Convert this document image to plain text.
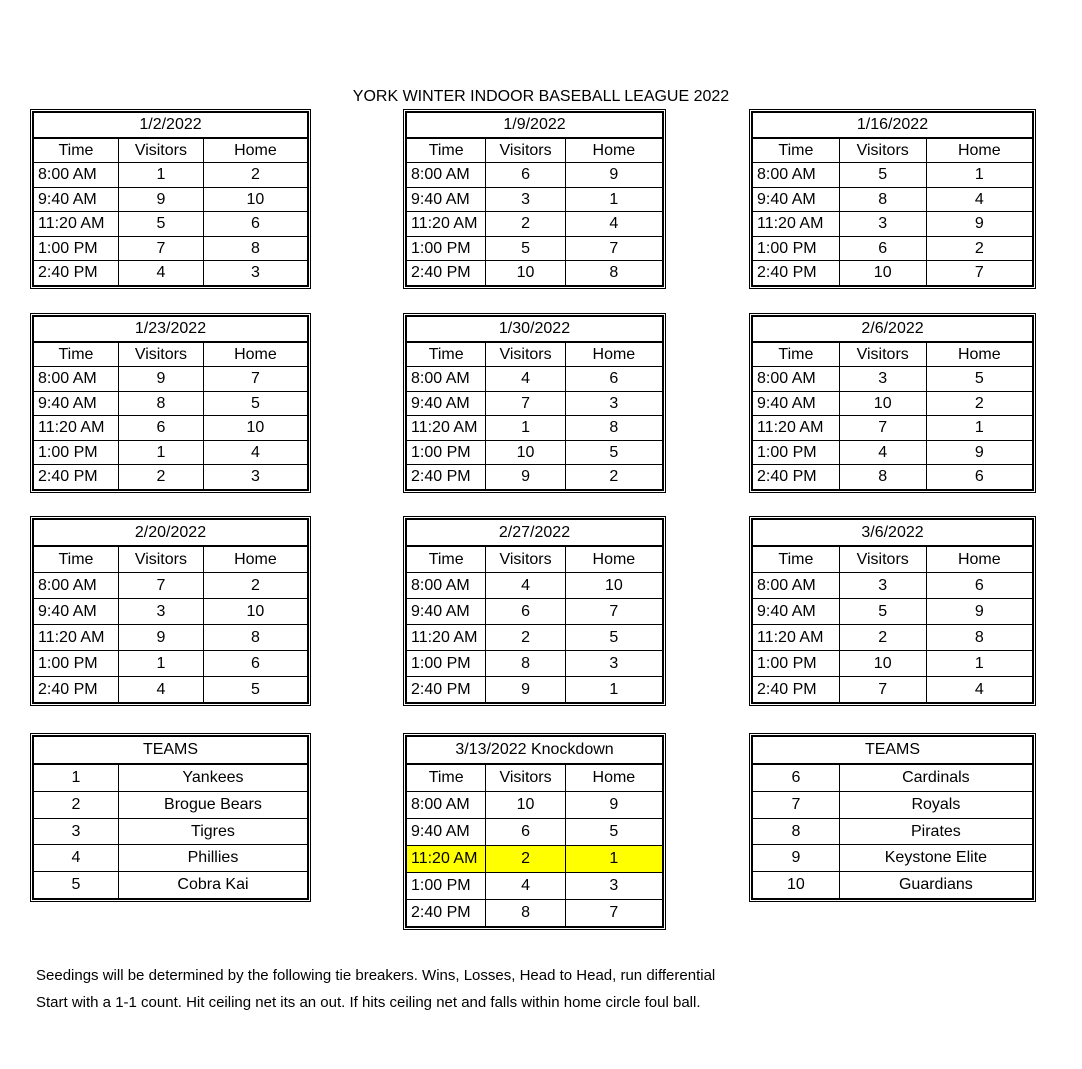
YORK WINTER INDOOR BASEBALL LEAGUE 2022
1/2/2022		
Time	Visitors	Home
8:00 AM	1	2
9:40 AM	9	10
11:20 AM	5	6
1:00 PM	7	8
2:40 PM	4	3
1/9/2022		
Time	Visitors	Home
8:00 AM	6	9
9:40 AM	3	1
11:20 AM	2	4
1:00 PM	5	7
2:40 PM	10	8
1/16/2022		
Time	Visitors	Home
8:00 AM	5	1
9:40 AM	8	4
11:20 AM	3	9
1:00 PM	6	2
2:40 PM	10	7
1/23/2022		
Time	Visitors	Home
8:00 AM	9	7
9:40 AM	8	5
11:20 AM	6	10
1:00 PM	1	4
2:40 PM	2	3
1/30/2022		
Time	Visitors	Home
8:00 AM	4	6
9:40 AM	7	3
11:20 AM	1	8
1:00 PM	10	5
2:40 PM	9	2
2/6/2022		
Time	Visitors	Home
8:00 AM	3	5
9:40 AM	10	2
11:20 AM	7	1
1:00 PM	4	9
2:40 PM	8	6
2/20/2022		
Time	Visitors	Home
8:00 AM	7	2
9:40 AM	3	10
11:20 AM	9	8
1:00 PM	1	6
2:40 PM	4	5
2/27/2022		
Time	Visitors	Home
8:00 AM	4	10
9:40 AM	6	7
11:20 AM	2	5
1:00 PM	8	3
2:40 PM	9	1
3/6/2022		
Time	Visitors	Home
8:00 AM	3	6
9:40 AM	5	9
11:20 AM	2	8
1:00 PM	10	1
2:40 PM	7	4
TEAMS	
1	Yankees
2	Brogue Bears
3	Tigres
4	Phillies
5	Cobra Kai
3/13/2022 Knockdown		
Time	Visitors	Home
8:00 AM	10	9
9:40 AM	6	5
11:20 AM	2	1
1:00 PM	4	3
2:40 PM	8	7
TEAMS	
6	Cardinals
7	Royals
8	Pirates
9	Keystone Elite
10	Guardians
Seedings will be determined by the following tie breakers. Wins, Losses, Head to Head, run differential
Start with a 1-1 count. Hit ceiling net its an out. If hits ceiling net and falls within home circle foul ball.
